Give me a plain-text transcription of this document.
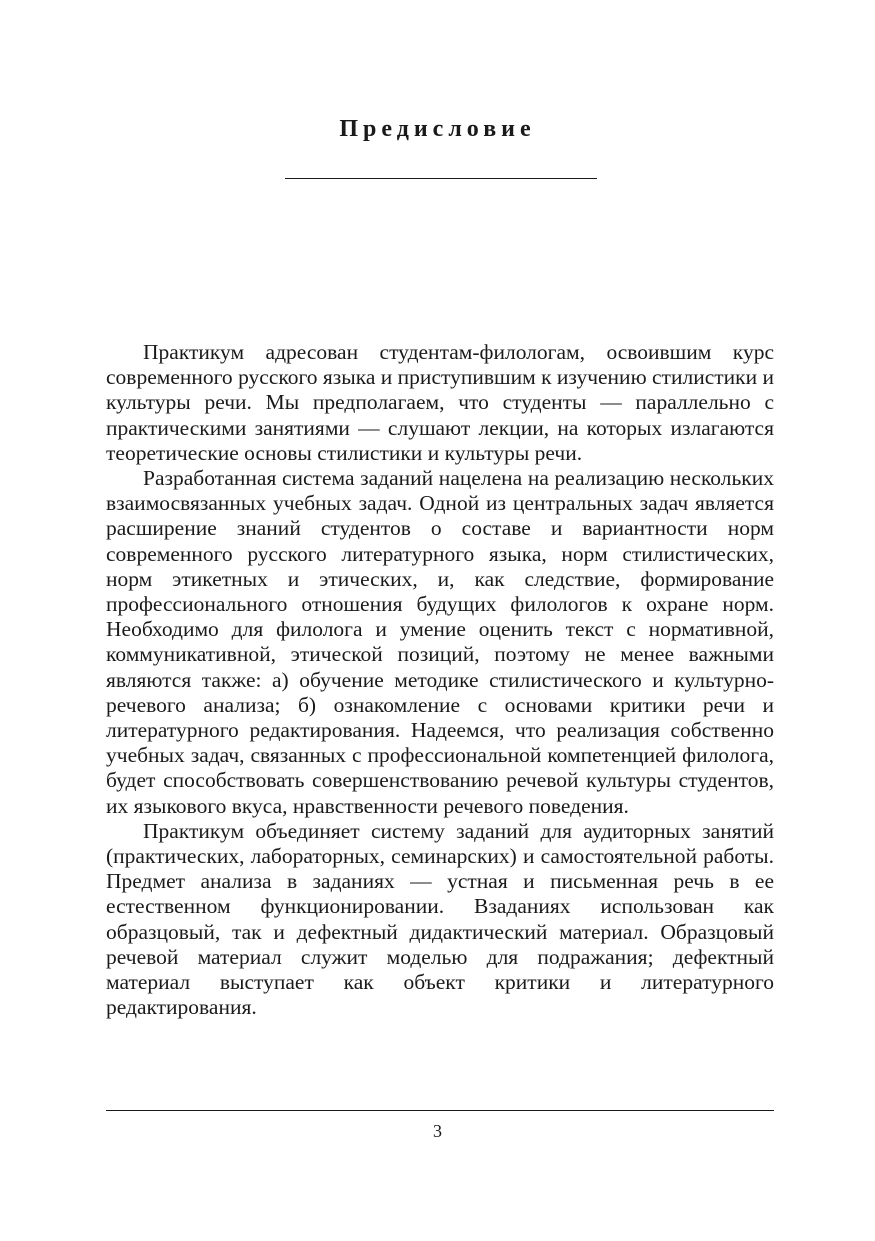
Предисловие

Практикум адресован студентам-филологам, освоившим курс современного русского языка и приступившим к изучению стилистики и культуры речи. Мы предполагаем, что студенты — параллельно с практическими занятиями — слушают лекции, на которых излагаются теоретические основы стилистики и культуры речи.

Разработанная система заданий нацелена на реализацию нескольких взаимосвязанных учебных задач. Одной из центральных задач является расширение знаний студентов о составе и вариантности норм современного русского литературного языка, норм стилистических, норм этикетных и этических, и, как следствие, формирование профессионального отношения будущих филологов к охране норм. Необходимо для филолога и умение оценить текст с нормативной, коммуникативной, этической позиций, поэтому не менее важными являются также: а) обучение методике стилистического и культурно-речевого анализа; б) ознакомление с основами критики речи и литературного редактирования. Надеемся, что реализация собственно учебных задач, связанных с профессиональной компетенцией филолога, будет способствовать совершенствованию речевой культуры студентов, их языкового вкуса, нравственности речевого поведения.

Практикум объединяет систему заданий для аудиторных занятий (практических, лабораторных, семинарских) и самостоятельной работы. Предмет анализа в заданиях — устная и письменная речь в ее естественном функционировании. Взаданиях использован как образцовый, так и дефектный дидактический материал. Образцовый речевой материал служит моделью для подражания; дефектный материал выступает как объект критики и литературного редактирования.

3
